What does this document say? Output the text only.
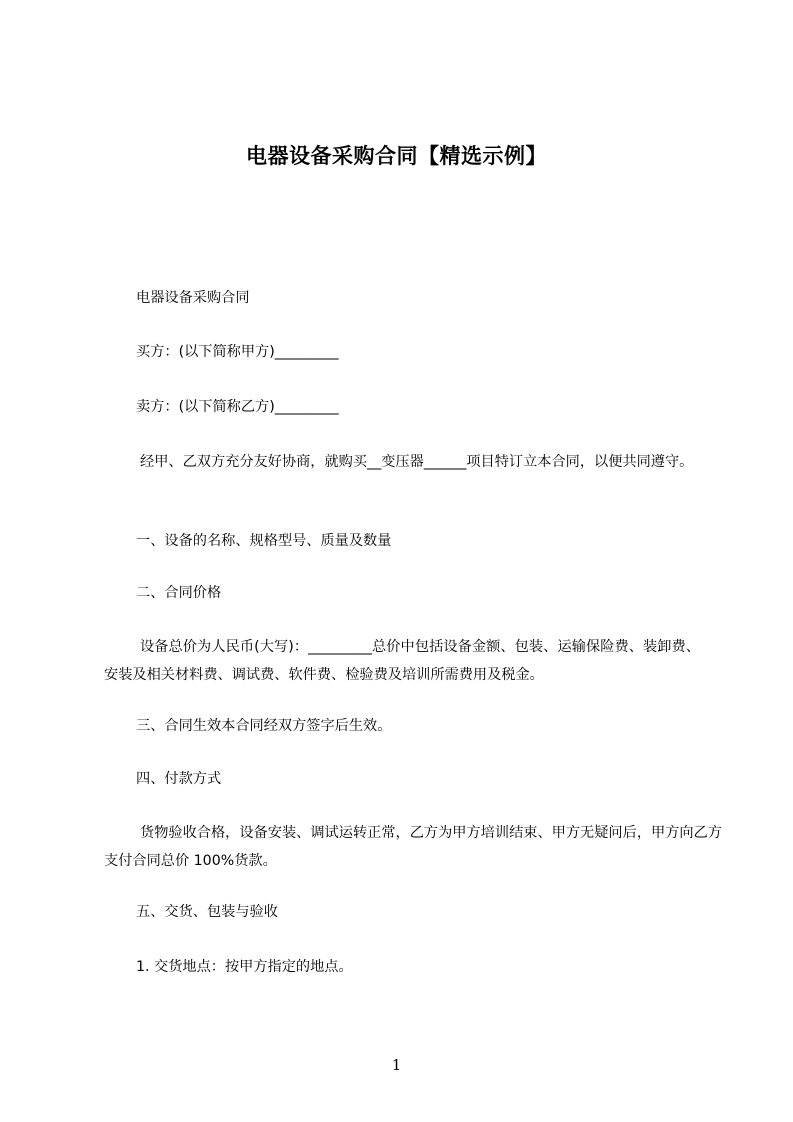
电器设备采购合同【精选示例】
电器设备采购合同
买方：(以下简称甲方)_________
卖方：(以下简称乙方)_________
经甲、乙双方充分友好协商，就购买__变压器______项目特订立本合同，以便共同遵守。
一、设备的名称、规格型号、质量及数量
二、合同价格
设备总价为人民币(大写)：_________总价中包括设备金额、包装、运输保险费、装卸费、安装及相关材料费、调试费、软件费、检验费及培训所需费用及税金。
三、合同生效本合同经双方签字后生效。
四、付款方式
货物验收合格，设备安装、调试运转正常，乙方为甲方培训结束、甲方无疑问后，甲方向乙方支付合同总价 100%货款。
五、交货、包装与验收
1. 交货地点：按甲方指定的地点。
1
